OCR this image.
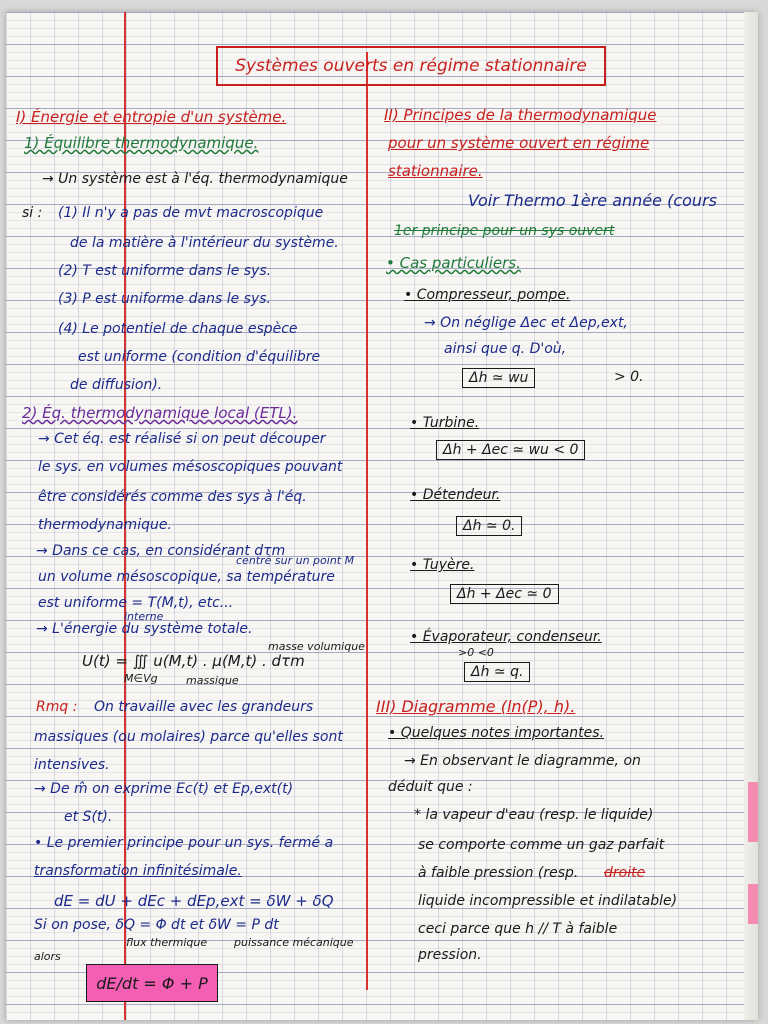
Systèmes ouverts en régime stationnaire
I) Énergie et entropie d'un système.
1) Équilibre thermodynamique.
→ Un système est à l'éq. thermodynamique
si : (1) Il n'y a pas de mvt macroscopique
de la matière à l'intérieur du système.
(2) T est uniforme dans le sys.
(3) P est uniforme dans le sys.
(4) Le potentiel de chaque espèce
est uniforme (condition d'équilibre
de diffusion).
2) Éq. thermodynamique local (ETL).
→ Cet éq. est réalisé si on peut découper
le sys. en volumes mésoscopiques pouvant
être considérés comme des sys à l'éq.
thermodynamique.
→ Dans ce cas, en considérant dτm
centré sur un point M
un volume mésoscopique, sa température
est uniforme = T(M,t), etc...
interne
→ L'énergie du système totale.
masse volumique
U(t) = ∭ u(M,t) . μ(M,t) . dτm
M∈Vg	massique
Rmq : On travaille avec les grandeurs
massiques (ou molaires) parce qu'elles sont
intensives.
→ De m̂ on exprime Ec(t) et Ep,ext(t)
et S(t).
• Le premier principe pour un sys. fermé a
transformation infinitésimale.
dE = dU + dEc + dEp,ext = δW + δQ
Si on pose, δQ = Φ dt et δW = P dt
flux thermique puissance mécanique
alors
dE/dt = Φ + P
II) Principes de la thermodynamique
pour un système ouvert en régime
stationnaire.
Voir Thermo 1ère année (cours
1er principe pour un sys ouvert
• Cas particuliers.
• Compresseur, pompe.
→ On néglige Δec et Δep,ext,
ainsi que q. D'où,
Δh ≃ wu	> 0.
• Turbine.
Δh + Δec ≃ wu < 0
• Détendeur.
Δh ≃ 0.
• Tuyère.
Δh + Δec ≃ 0
• Évaporateur, condenseur.
>0 <0
Δh ≃ q.
III) Diagramme (ln(P), h).
• Quelques notes importantes.
→ En observant le diagramme, on
déduit que :
* la vapeur d'eau (resp. le liquide)
se comporte comme un gaz parfait
à faible pression (resp. droite
liquide incompressible et indilatable)
ceci parce que h // T à faible
pression.
